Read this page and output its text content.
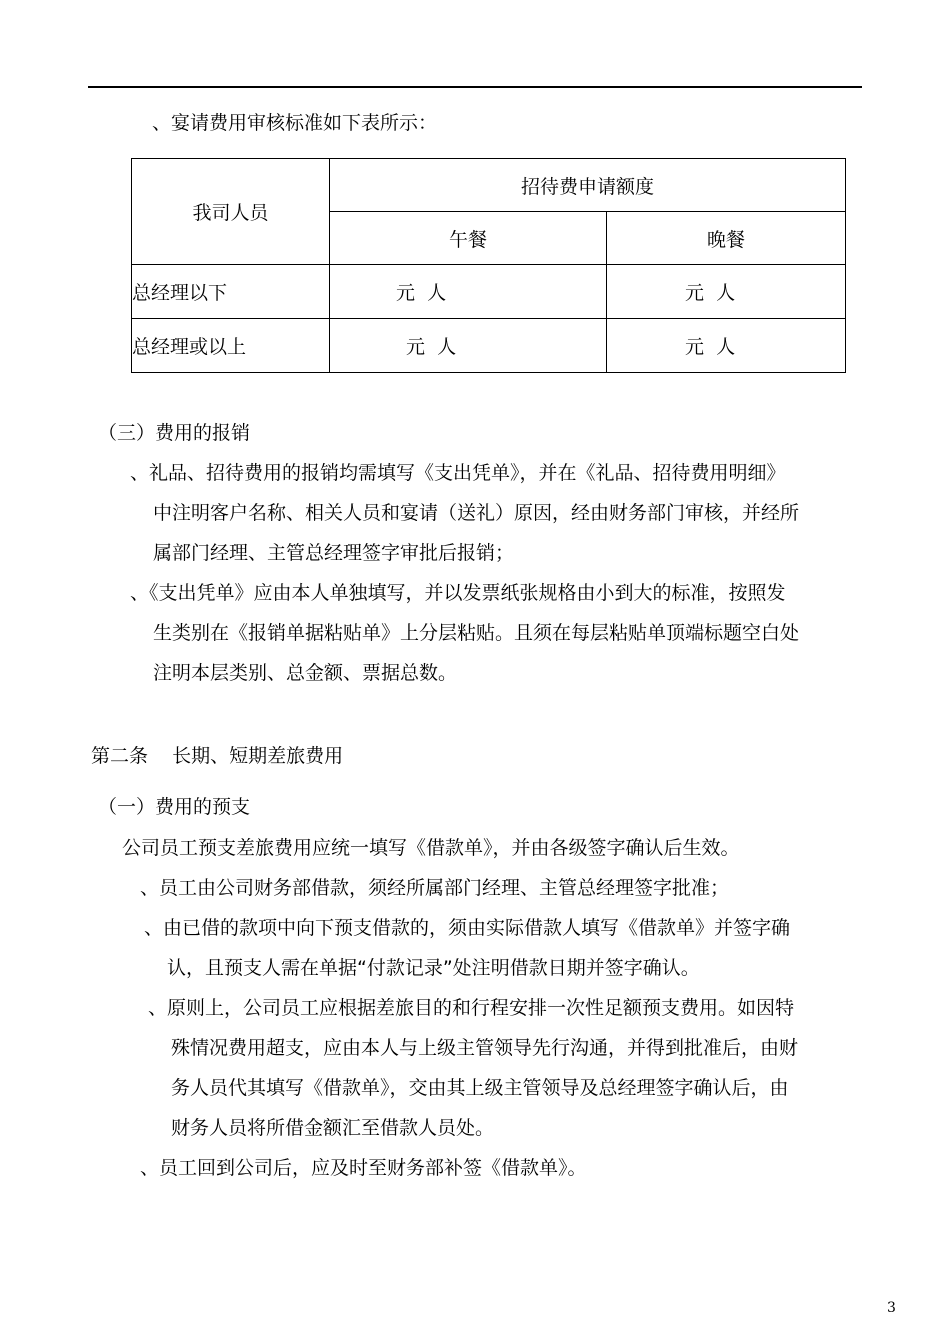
、宴请费用审核标准如下表所示：
我司人员	招待费申请额度	
	午餐	晚餐
总经理以下	元  人	元  人
总经理或以上	元  人	元  人
（三）费用的报销
、礼品、招待费用的报销均需填写《支出凭单》，并在《礼品、招待费用明细》
中注明客户名称、相关人员和宴请（送礼）原因，经由财务部门审核，并经所
属部门经理、主管总经理签字审批后报销；
、《支出凭单》应由本人单独填写，并以发票纸张规格由小到大的标准，按照发
生类别在《报销单据粘贴单》上分层粘贴。且须在每层粘贴单顶端标题空白处
注明本层类别、总金额、票据总数。
第二条    长期、短期差旅费用
（一）费用的预支
公司员工预支差旅费用应统一填写《借款单》，并由各级签字确认后生效。
、员工由公司财务部借款，须经所属部门经理、主管总经理签字批准；
、由已借的款项中向下预支借款的，须由实际借款人填写《借款单》并签字确
认，且预支人需在单据“付款记录”处注明借款日期并签字确认。
、原则上，公司员工应根据差旅目的和行程安排一次性足额预支费用。如因特
殊情况费用超支，应由本人与上级主管领导先行沟通，并得到批准后，由财
务人员代其填写《借款单》，交由其上级主管领导及总经理签字确认后，由
财务人员将所借金额汇至借款人员处。
、员工回到公司后，应及时至财务部补签《借款单》。
3
